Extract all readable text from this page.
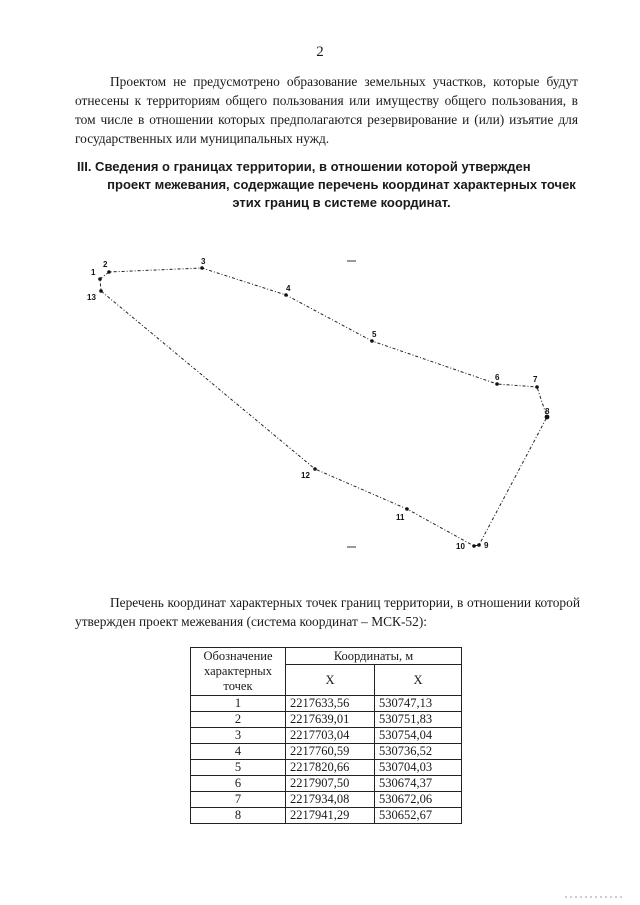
2

Проектом не предусмотрено образование земельных участков, которые будут отнесены к территориям общего пользования или имуществу общего пользования, в том числе в отношении которых предполагаются резервирование и (или) изъятие для государственных или муниципальных нужд.

III. Сведения о границах территории, в отношении которой утвержден
проект межевания, содержащие перечень координат характерных точек
этих границ в системе координат.
1
2	3
4
5
6	7
8
9
10
11
12
13

Перечень координат характерных точек границ территории, в отношении которой утвержден проект межевания (система координат – МСК-52):

Обозначение характерных точек	Координаты, м	
	X	X
1	2217633,56	530747,13
2	2217639,01	530751,83
3	2217703,04	530754,04
4	2217760,59	530736,52
5	2217820,66	530704,03
6	2217907,50	530674,37
7	2217934,08	530672,06
8	2217941,29	530652,67
